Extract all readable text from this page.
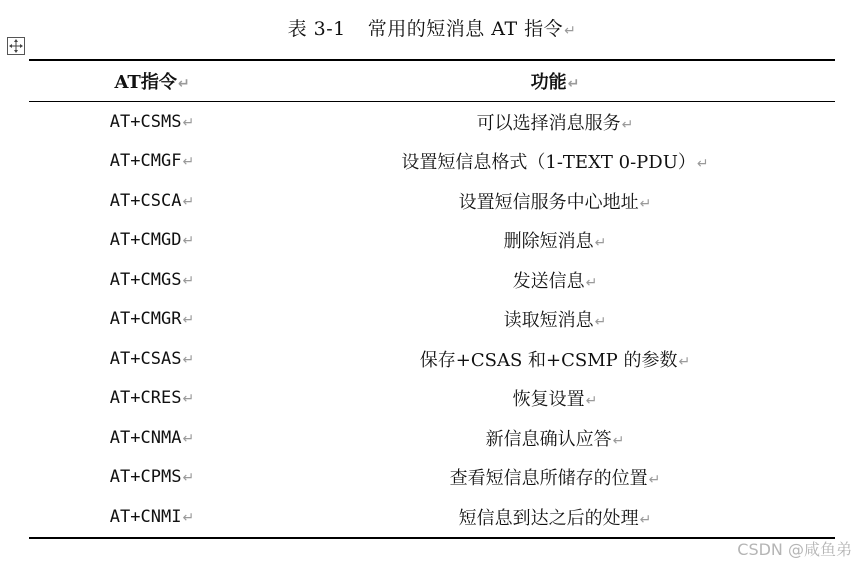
表 3-1 常用的短消息 AT 指令↵
AT指令↵	功能↵
AT+CSMS↵	可以选择消息服务↵
AT+CMGF↵	设置短信息格式（1-TEXT 0-PDU）↵
AT+CSCA↵	设置短信服务中心地址↵
AT+CMGD↵	删除短消息↵
AT+CMGS↵	发送信息↵
AT+CMGR↵	读取短消息↵
AT+CSAS↵	保存+CSAS 和+CSMP 的参数↵
AT+CRES↵	恢复设置↵
AT+CNMA↵	新信息确认应答↵
AT+CPMS↵	查看短信息所储存的位置↵
AT+CNMI↵	短信息到达之后的处理↵
CSDN @咸鱼弟
